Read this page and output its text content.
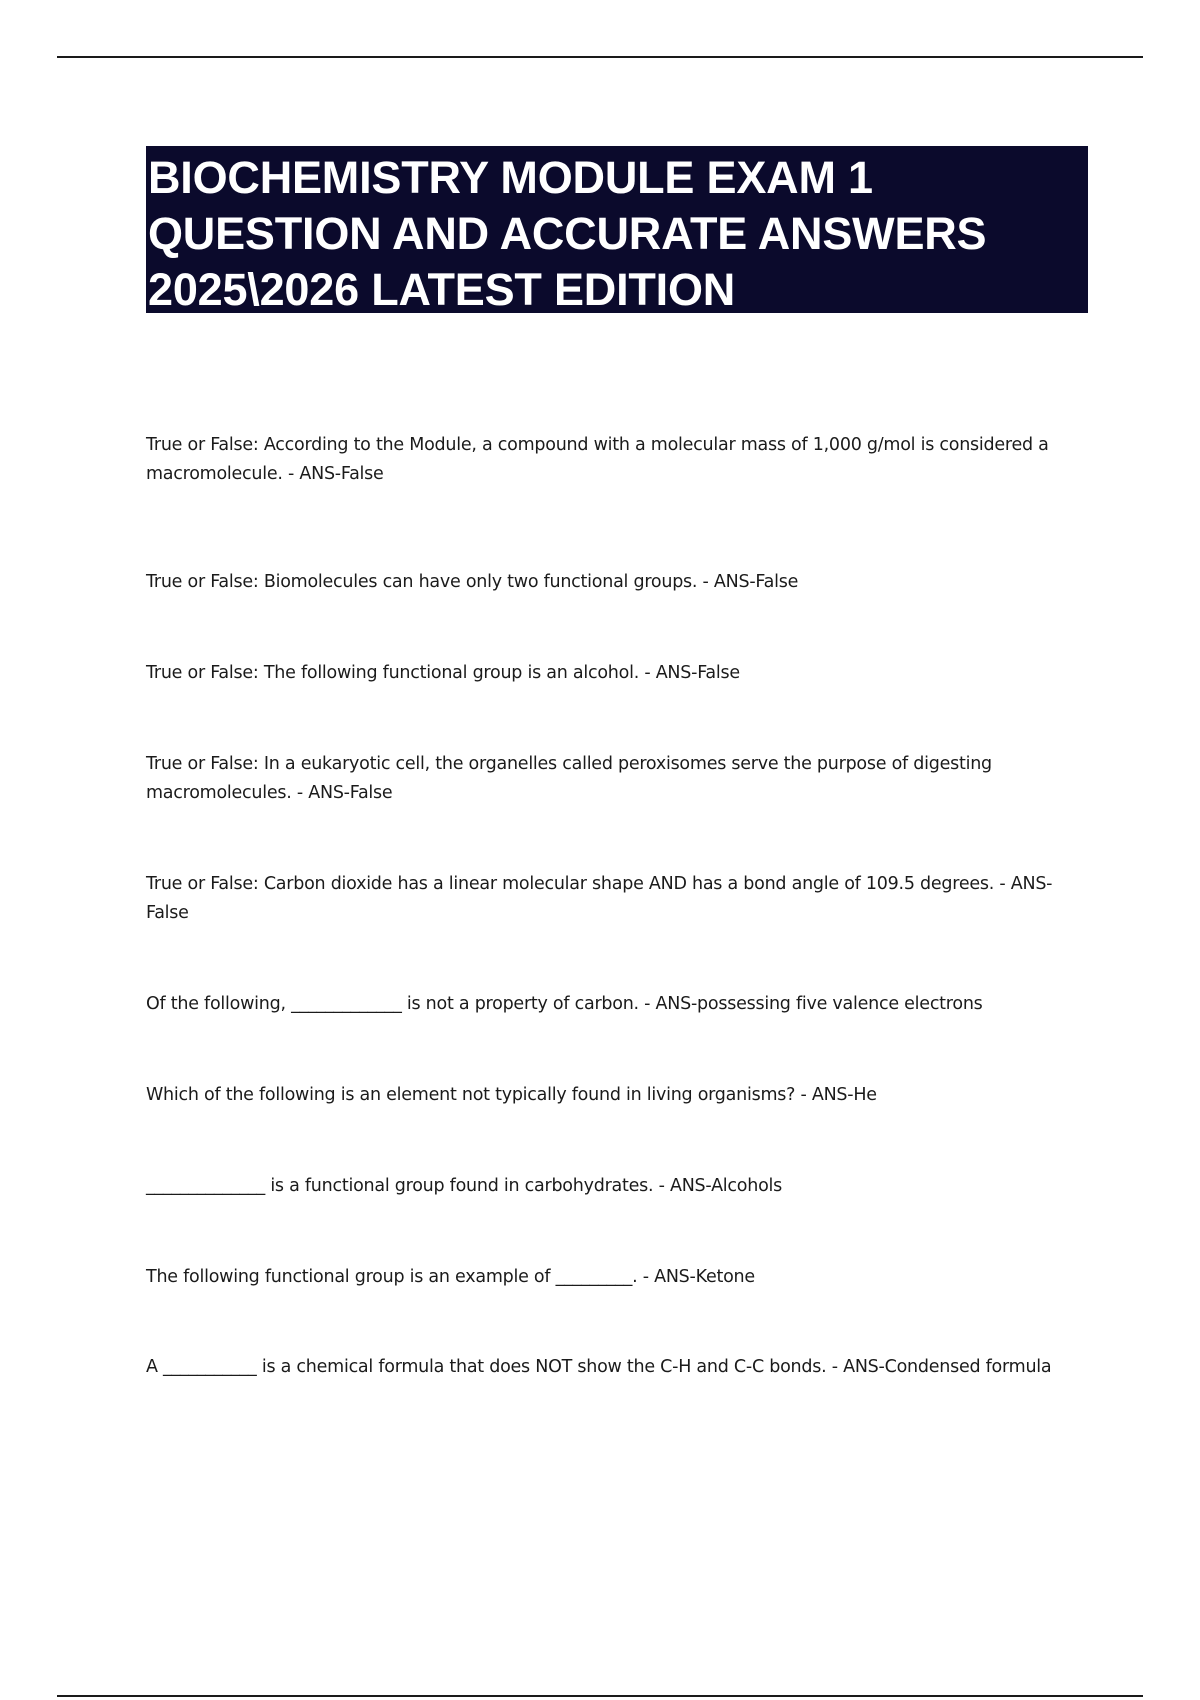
BIOCHEMISTRY MODULE EXAM 1
QUESTION AND ACCURATE ANSWERS
2025\2026 LATEST EDITION

True or False: According to the Module, a compound with a molecular mass of 1,000 g/mol is considered a macromolecule. - ANS-False

True or False: Biomolecules can have only two functional groups. - ANS-False

True or False: The following functional group is an alcohol. - ANS-False

True or False: In a eukaryotic cell, the organelles called peroxisomes serve the purpose of digesting macromolecules. - ANS-False

True or False: Carbon dioxide has a linear molecular shape AND has a bond angle of 109.5 degrees. - ANS-False

Of the following, _____________ is not a property of carbon. - ANS-possessing five valence electrons

Which of the following is an element not typically found in living organisms? - ANS-He

______________ is a functional group found in carbohydrates. - ANS-Alcohols

The following functional group is an example of _________. - ANS-Ketone

A ___________ is a chemical formula that does NOT show the C-H and C-C bonds. - ANS-Condensed formula
